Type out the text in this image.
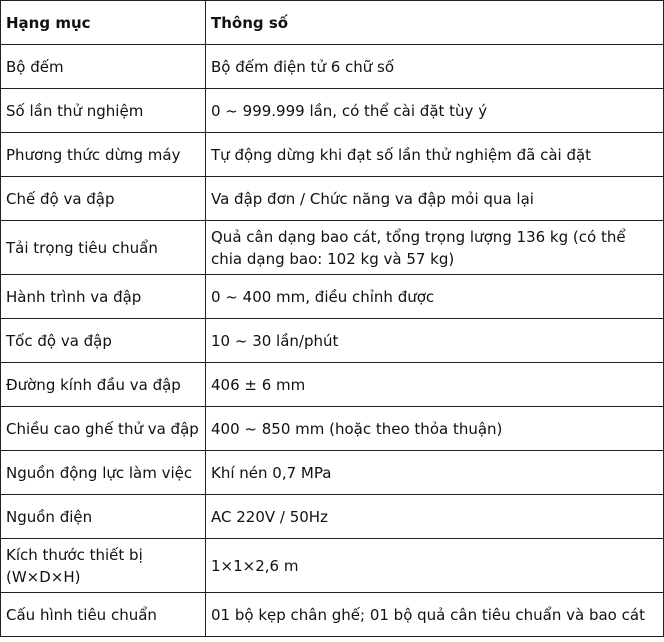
Hạng mục	Thông số
Bộ đếm	Bộ đếm điện tử 6 chữ số
Số lần thử nghiệm	0 ~ 999.999 lần, có thể cài đặt tùy ý
Phương thức dừng máy	Tự động dừng khi đạt số lần thử nghiệm đã cài đặt
Chế độ va đập	Va đập đơn / Chức năng va đập mỏi qua lại
Tải trọng tiêu chuẩn	Quả cân dạng bao cát, tổng trọng lượng 136 kg (có thể chia dạng bao: 102 kg và 57 kg)
Hành trình va đập	0 ~ 400 mm, điều chỉnh được
Tốc độ va đập	10 ~ 30 lần/phút
Đường kính đầu va đập	406 ± 6 mm
Chiều cao ghế thử va đập	400 ~ 850 mm (hoặc theo thỏa thuận)
Nguồn động lực làm việc	Khí nén 0,7 MPa
Nguồn điện	AC 220V / 50Hz
Kích thước thiết bị (W×D×H)	1×1×2,6 m
Cấu hình tiêu chuẩn	01 bộ kẹp chân ghế; 01 bộ quả cân tiêu chuẩn và bao cát
